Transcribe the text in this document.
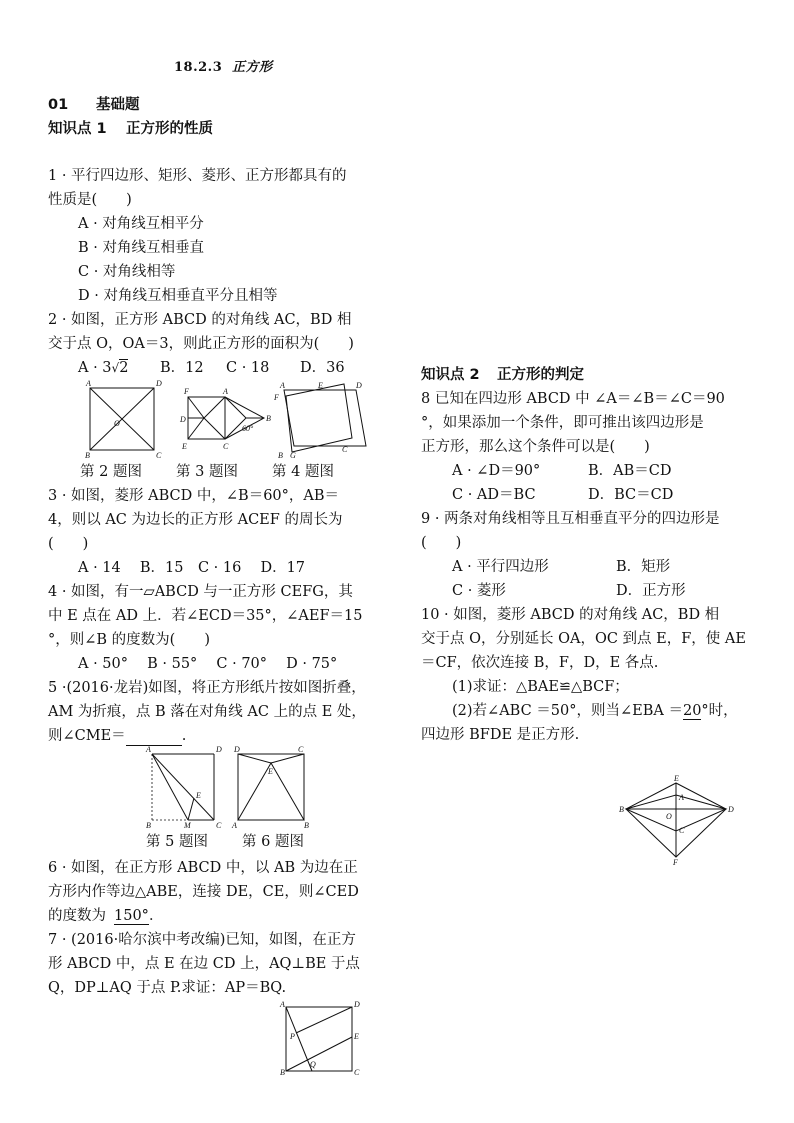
18.2.3 正方形
01 基础题
知识点 1 正方形的性质
1 · 平行四边形、矩形、菱形、正方形都具有的
性质是(　　)
A · 对角线互相平分
B · 对角线互相垂直
C · 对角线相等
D · 对角线互相垂直平分且相等
2 · 如图，正方形 ABCD 的对角线 AC，BD 相
交于点 O，OA＝3，则此正方形的面积为(　　)
A · 3√2 B．12 C · 18 D．36
A	D
B	C
O
F	A
D
E	C
B
60°
A	E	D
B G
C
F
第 2 题图 第 3 题图 第 4 题图
3 · 如图，菱形 ABCD 中，∠B＝60°，AB＝
4，则以 AC 为边长的正方形 ACEF 的周长为
(　　)
A · 14　 B．15　C · 16　 D．17
4 · 如图，有一▱ABCD 与一正方形 CEFG，其
中 E 点在 AD 上．若∠ECD＝35°，∠AEF＝15
°，则∠B 的度数为(　　)
A · 50°　 B · 55°　 C · 70°　 D · 75°
5 ·(2016·龙岩)如图，将正方形纸片按如图折叠，
AM 为折痕，点 B 落在对角线 AC 上的点 E 处，
则∠CME＝	.
A	D
B	M	C
E
D	C
A	B
E
第 5 题图 第 6 题图
6 · 如图，在正方形 ABCD 中，以 AB 为边在正
方形内作等边△ABE，连接 DE，CE，则∠CED
的度数为 150°．
7 · (2016·哈尔滨中考改编)已知，如图，在正方
形 ABCD 中，点 E 在边 CD 上，AQ⊥BE 于点
Q，DP⊥AQ 于点 P.求证：AP＝BQ.
A	D
B	C
E
P
Q
知识点 2 正方形的判定
8 已知在四边形 ABCD 中 ∠A＝∠B＝∠C＝90
°，如果添加一个条件，即可推出该四边形是
正方形，那么这个条件可以是(　　)
A · ∠D＝90°	B．AB＝CD
C · AD＝BC	D．BC＝CD
9 · 两条对角线相等且互相垂直平分的四边形是
(　　)
A · 平行四边形	B．矩形
C · 菱形	D．正方形
10 · 如图，菱形 ABCD 的对角线 AC，BD 相
交于点 O，分别延长 OA，OC 到点 E，F，使 AE
＝CF，依次连接 B，F，D，E 各点.
(1)求证：△BAE≌△BCF；
(2)若∠ABC ＝50°，则当∠EBA ＝20°时，
四边形 BFDE 是正方形.
E
A
B	D
O
C
F
